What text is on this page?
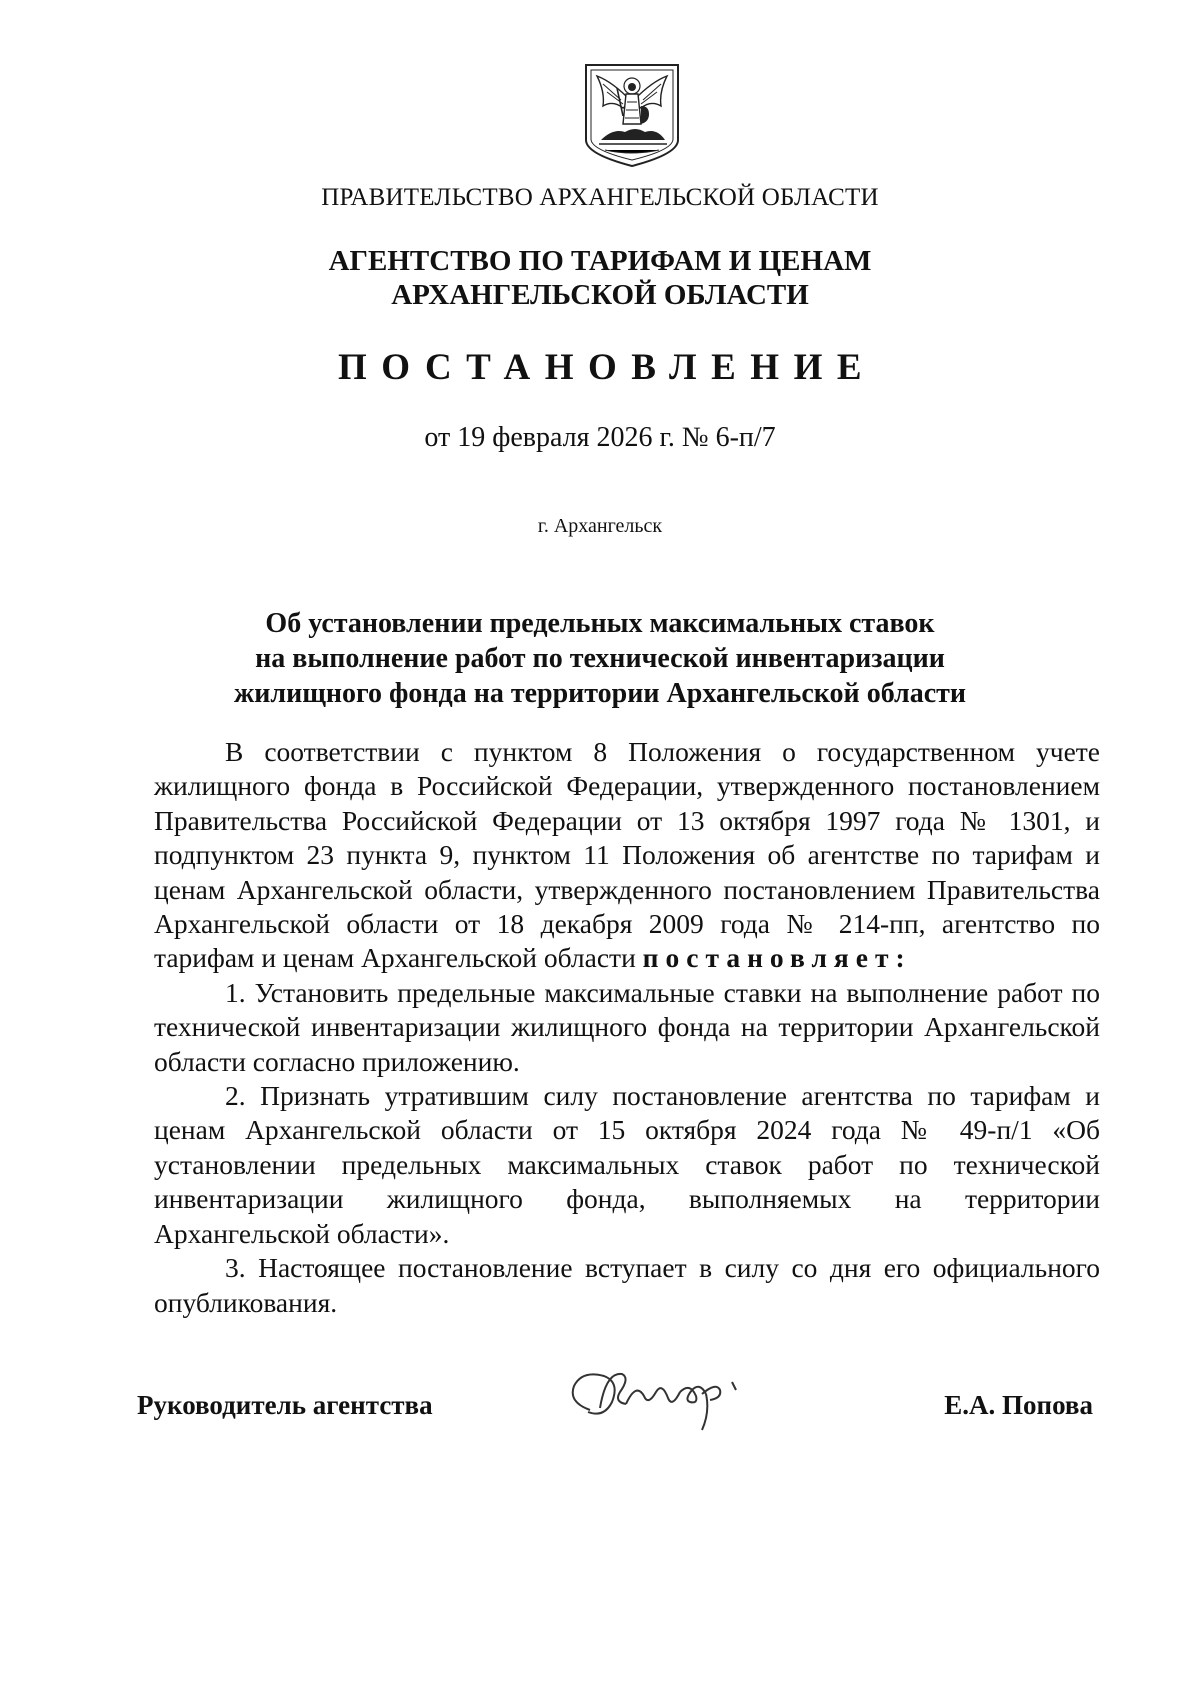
ПРАВИТЕЛЬСТВО АРХАНГЕЛЬСКОЙ ОБЛАСТИ
АГЕНТСТВО ПО ТАРИФАМ И ЦЕНАМ
АРХАНГЕЛЬСКОЙ ОБЛАСТИ
ПОСТАНОВЛЕНИЕ
от 19 февраля 2026 г. № 6-п/7
г. Архангельск
Об установлении предельных максимальных ставок
на выполнение работ по технической инвентаризации
жилищного фонда на территории Архангельской области

В соответствии с пунктом 8 Положения о государственном учете жилищного фонда в Российской Федерации, утвержденного постановлением Правительства Российской Федерации от 13 октября 1997 года № 1301, и подпунктом 23 пункта 9, пунктом 11 Положения об агентстве по тарифам и ценам Архангельской области, утвержденного постановлением Правительства Архангельской области от 18 декабря 2009 года № 214-пп, агентство по тарифам и ценам Архангельской области постановляет:

1. Установить предельные максимальные ставки на выполнение работ по технической инвентаризации жилищного фонда на территории Архангельской области согласно приложению.

2. Признать утратившим силу постановление агентства по тарифам и ценам Архангельской области от 15 октября 2024 года № 49-п/1 «Об установлении предельных максимальных ставок работ по технической инвентаризации жилищного фонда, выполняемых на территории Архангельской области».

3. Настоящее постановление вступает в силу со дня его официального опубликования.

Руководитель агентства	Е.А. Попова
